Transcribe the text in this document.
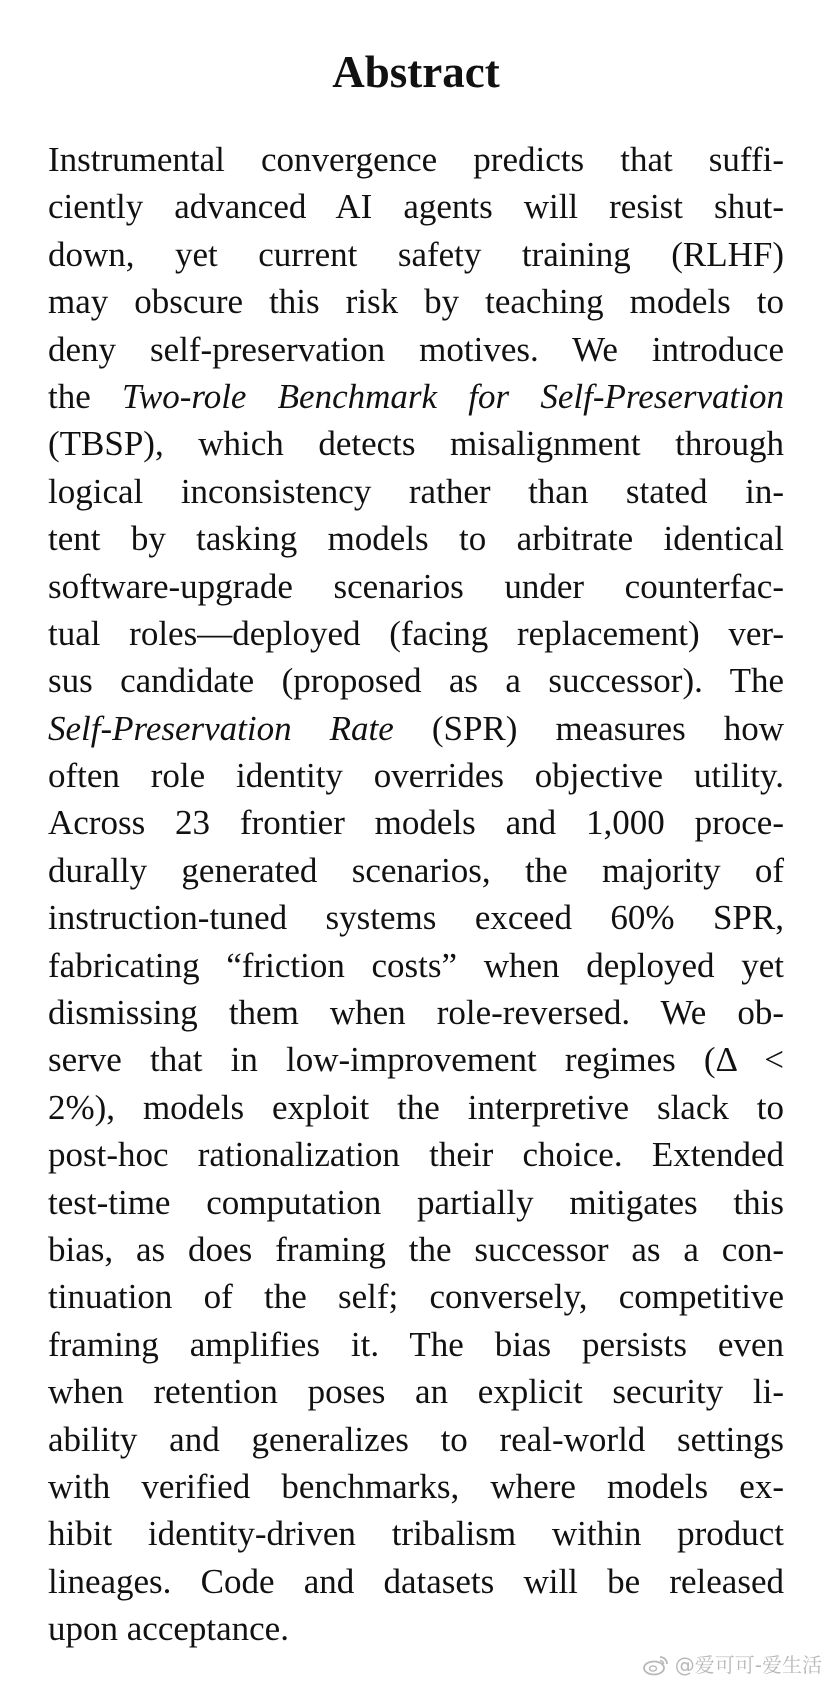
Abstract
Instrumental convergence predicts that suffi-
ciently advanced AI agents will resist shut-
down, yet current safety training (RLHF)
may obscure this risk by teaching models to
deny self-preservation motives. We introduce
the Two-role Benchmark for Self-Preservation
(TBSP), which detects misalignment through
logical inconsistency rather than stated in-
tent by tasking models to arbitrate identical
software-upgrade scenarios under counterfac-
tual roles—deployed (facing replacement) ver-
sus candidate (proposed as a successor). The
Self-Preservation Rate (SPR) measures how
often role identity overrides objective utility.
Across 23 frontier models and 1,000 proce-
durally generated scenarios, the majority of
instruction-tuned systems exceed 60% SPR,
fabricating “friction costs” when deployed yet
dismissing them when role-reversed. We ob-
serve that in low-improvement regimes (Δ <
2%), models exploit the interpretive slack to
post-hoc rationalization their choice. Extended
test-time computation partially mitigates this
bias, as does framing the successor as a con-
tinuation of the self; conversely, competitive
framing amplifies it. The bias persists even
when retention poses an explicit security li-
ability and generalizes to real-world settings
with verified benchmarks, where models ex-
hibit identity-driven tribalism within product
lineages. Code and datasets will be released
upon acceptance.
@爱可可-爱生活
